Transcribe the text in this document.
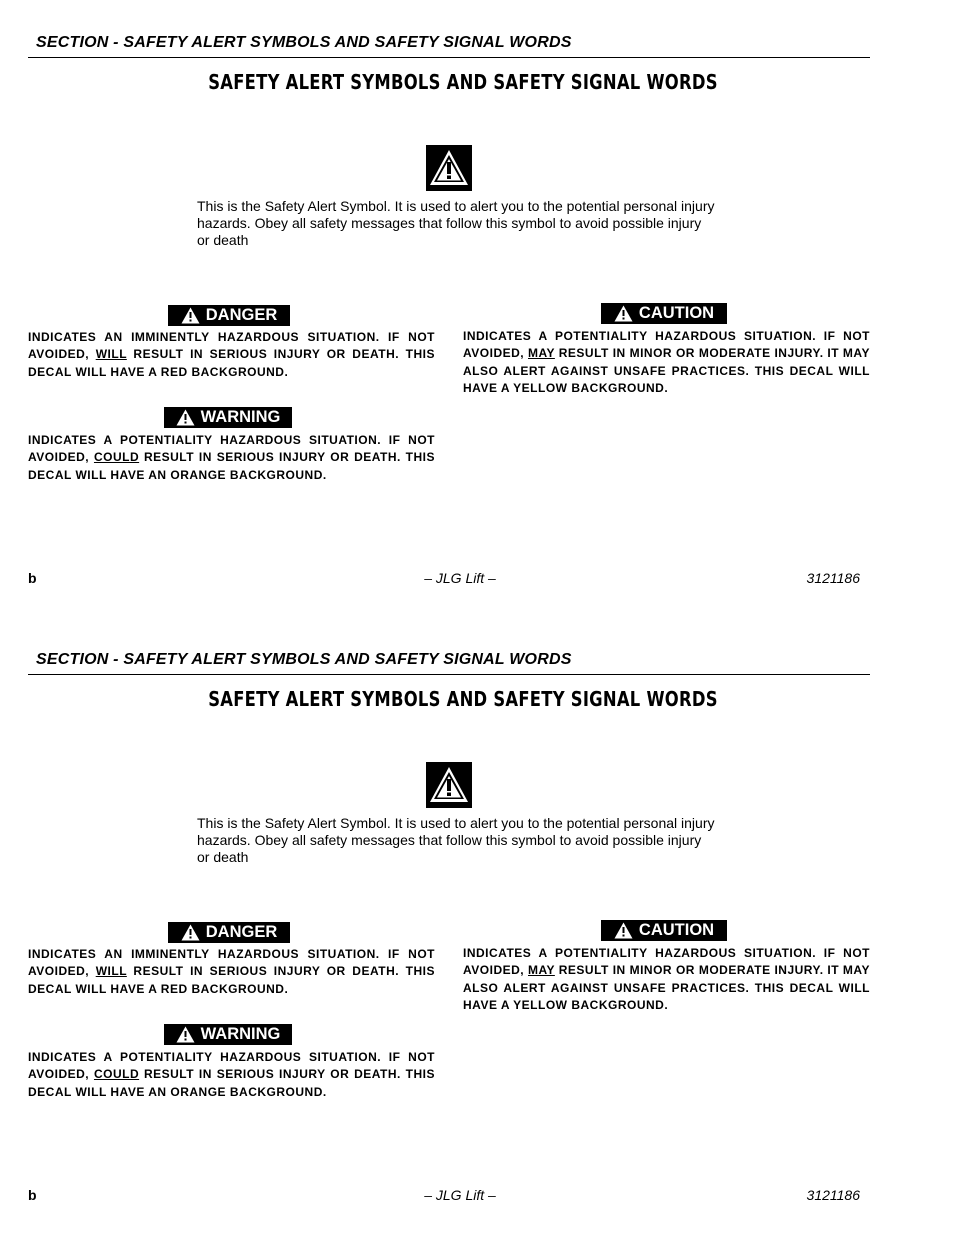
SECTION - SAFETY ALERT SYMBOLS AND SAFETY SIGNAL WORDS
SAFETY ALERT SYMBOLS AND SAFETY SIGNAL WORDS
This is the Safety Alert Symbol. It is used to alert you to the potential personal injury hazards. Obey all safety messages that follow this symbol to avoid possible injury or death
DANGER
INDICATES AN IMMINENTLY HAZARDOUS SITUATION. IF NOT AVOIDED, WILL RESULT IN SERIOUS INJURY OR DEATH. THIS DECAL WILL HAVE A RED BACKGROUND.
WARNING
INDICATES A POTENTIALITY HAZARDOUS SITUATION. IF NOT AVOIDED, COULD RESULT IN SERIOUS INJURY OR DEATH. THIS DECAL WILL HAVE AN ORANGE BACKGROUND.
CAUTION
INDICATES A POTENTIALITY HAZARDOUS SITUATION. IF NOT AVOIDED, MAY RESULT IN MINOR OR MODERATE INJURY. IT MAY ALSO ALERT AGAINST UNSAFE PRACTICES. THIS DECAL WILL HAVE A YELLOW BACKGROUND.
b	– JLG Lift –	3121186
SECTION - SAFETY ALERT SYMBOLS AND SAFETY SIGNAL WORDS
SAFETY ALERT SYMBOLS AND SAFETY SIGNAL WORDS
This is the Safety Alert Symbol. It is used to alert you to the potential personal injury hazards. Obey all safety messages that follow this symbol to avoid possible injury or death
DANGER
INDICATES AN IMMINENTLY HAZARDOUS SITUATION. IF NOT AVOIDED, WILL RESULT IN SERIOUS INJURY OR DEATH. THIS DECAL WILL HAVE A RED BACKGROUND.
WARNING
INDICATES A POTENTIALITY HAZARDOUS SITUATION. IF NOT AVOIDED, COULD RESULT IN SERIOUS INJURY OR DEATH. THIS DECAL WILL HAVE AN ORANGE BACKGROUND.
CAUTION
INDICATES A POTENTIALITY HAZARDOUS SITUATION. IF NOT AVOIDED, MAY RESULT IN MINOR OR MODERATE INJURY. IT MAY ALSO ALERT AGAINST UNSAFE PRACTICES. THIS DECAL WILL HAVE A YELLOW BACKGROUND.
b	– JLG Lift –	3121186
